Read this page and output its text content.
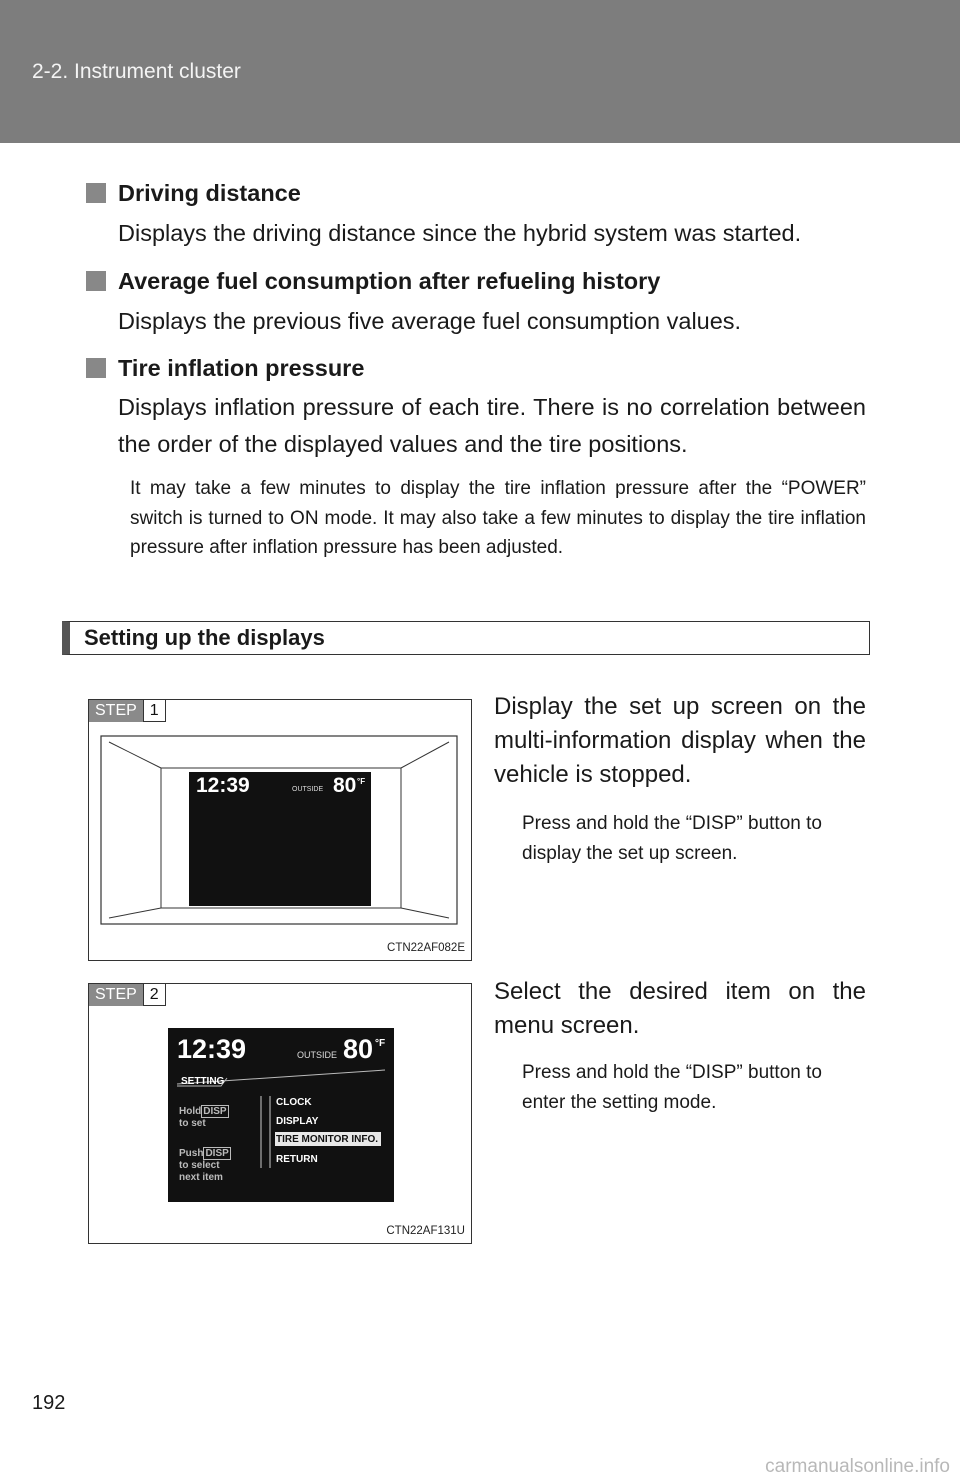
2-2. Instrument cluster
Driving distance
Displays the driving distance since the hybrid system was started.
Average fuel consumption after refueling history
Displays the previous five average fuel consumption values.
Tire inflation pressure
Displays inflation pressure of each tire. There is no correlation between the order of the displayed values and the tire positions.
It may take a few minutes to display the tire inflation pressure after the “POWER” switch is turned to ON mode. It may also take a few minutes to display the tire inflation pressure after inflation pressure has been adjusted.
Setting up the displays
STEP 1
12:39	OUTSIDE 80 °F
CTN22AF082E
Display the set up screen on the multi-information display when the vehicle is stopped.
Press and hold the “DISP” button to display the set up screen.
STEP 2
12:39	OUTSIDE 80 °F
SETTING
Hold DISP
to set
Push DISP
to select
next item
CLOCK
DISPLAY
TIRE MONITOR INFO.
RETURN
CTN22AF131U
Select the desired item on the menu screen.
Press and hold the “DISP” button to enter the setting mode.
192
carmanualsonline.info
